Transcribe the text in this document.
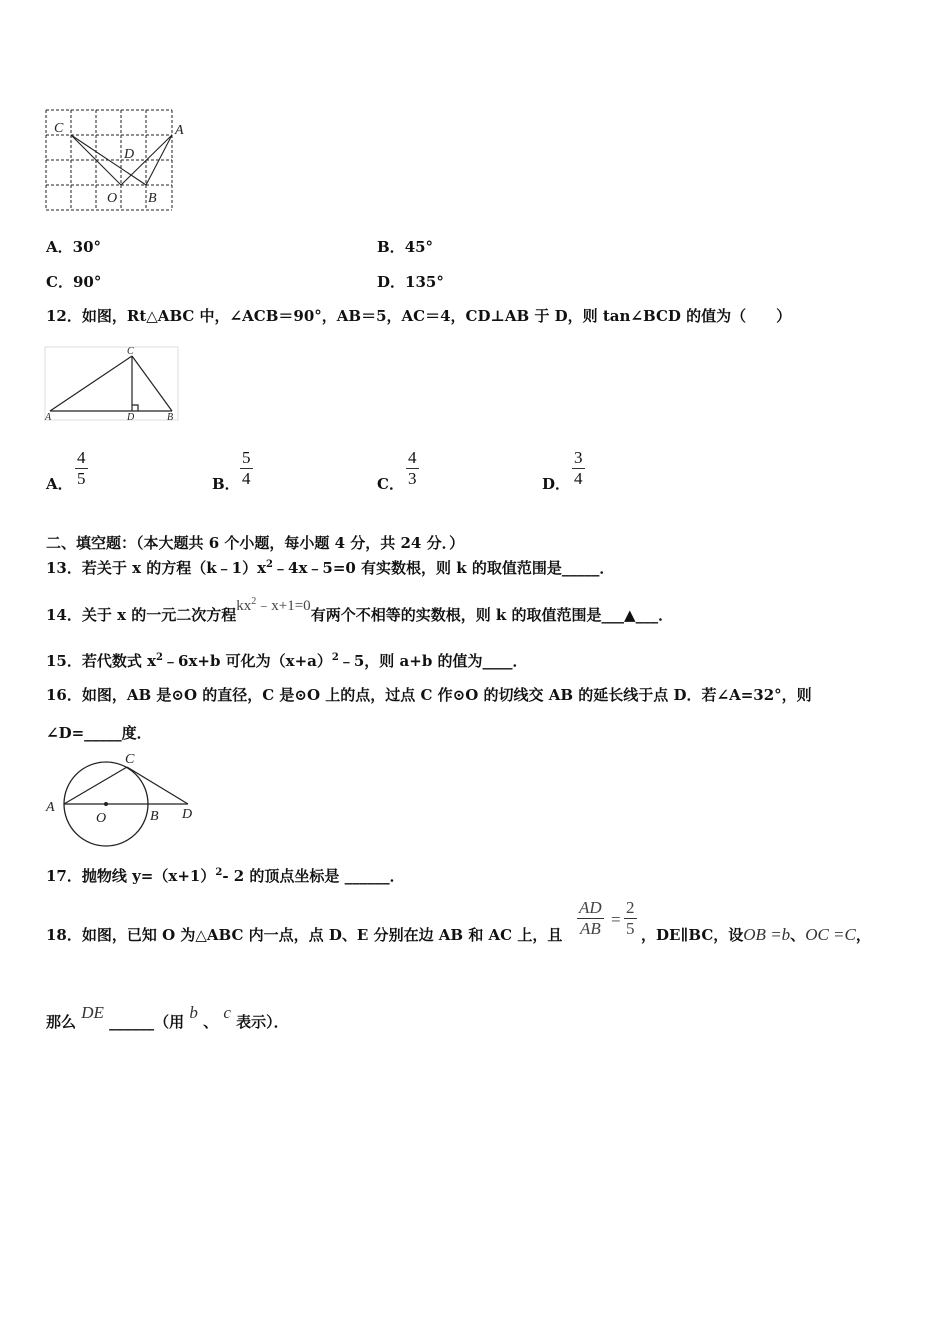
C	A
D
O B
A．30°	B．45°
C．90°	D．135°
12．如图，Rt△ABC 中，∠ACB＝90°，AB＝5，AC＝4，CD⊥AB 于 D，则 tan∠BCD 的值为（　　）
C
A	D	B
A． $\frac{4}{5}$	B． $\frac{5}{4}$	C． $\frac{4}{3}$	D． $\frac{3}{4}$
二、填空题：（本大题共 6 个小题，每小题 4 分，共 24 分．）
13．若关于 x 的方程$(k﹣1)x^2﹣4x﹣5=0$ 有实数根，则 k 的取值范围是_____．
14．关于 x 的一元二次方程$kx^2﹣x+1=0$有两个不相等的实数根，则 k 的取值范围是___▲___．
15．若代数式 $x^2﹣6x+b$ 可化为$(x+a)^2﹣5$，则 a+b 的值为____．
16．如图，AB 是⊙O 的直径，C 是⊙O 上的点，过点 C 作⊙O 的切线交 AB 的延长线于点 D．若∠A=32°，则
∠D=_____度．
C
A
O	B D
17．抛物线 $y=(x+1)^2-$ 2 的顶点坐标是 ______．
18．如图，已知 O 为△ABC 内一点，点 D、E 分别在边 AB 和 AC 上，且 $\frac{AD}{AB} = \frac{2}{5}$ ，DE∥BC，设OB =b、OC =C，
那么 DE ______（用 b 、 c 表示）．
